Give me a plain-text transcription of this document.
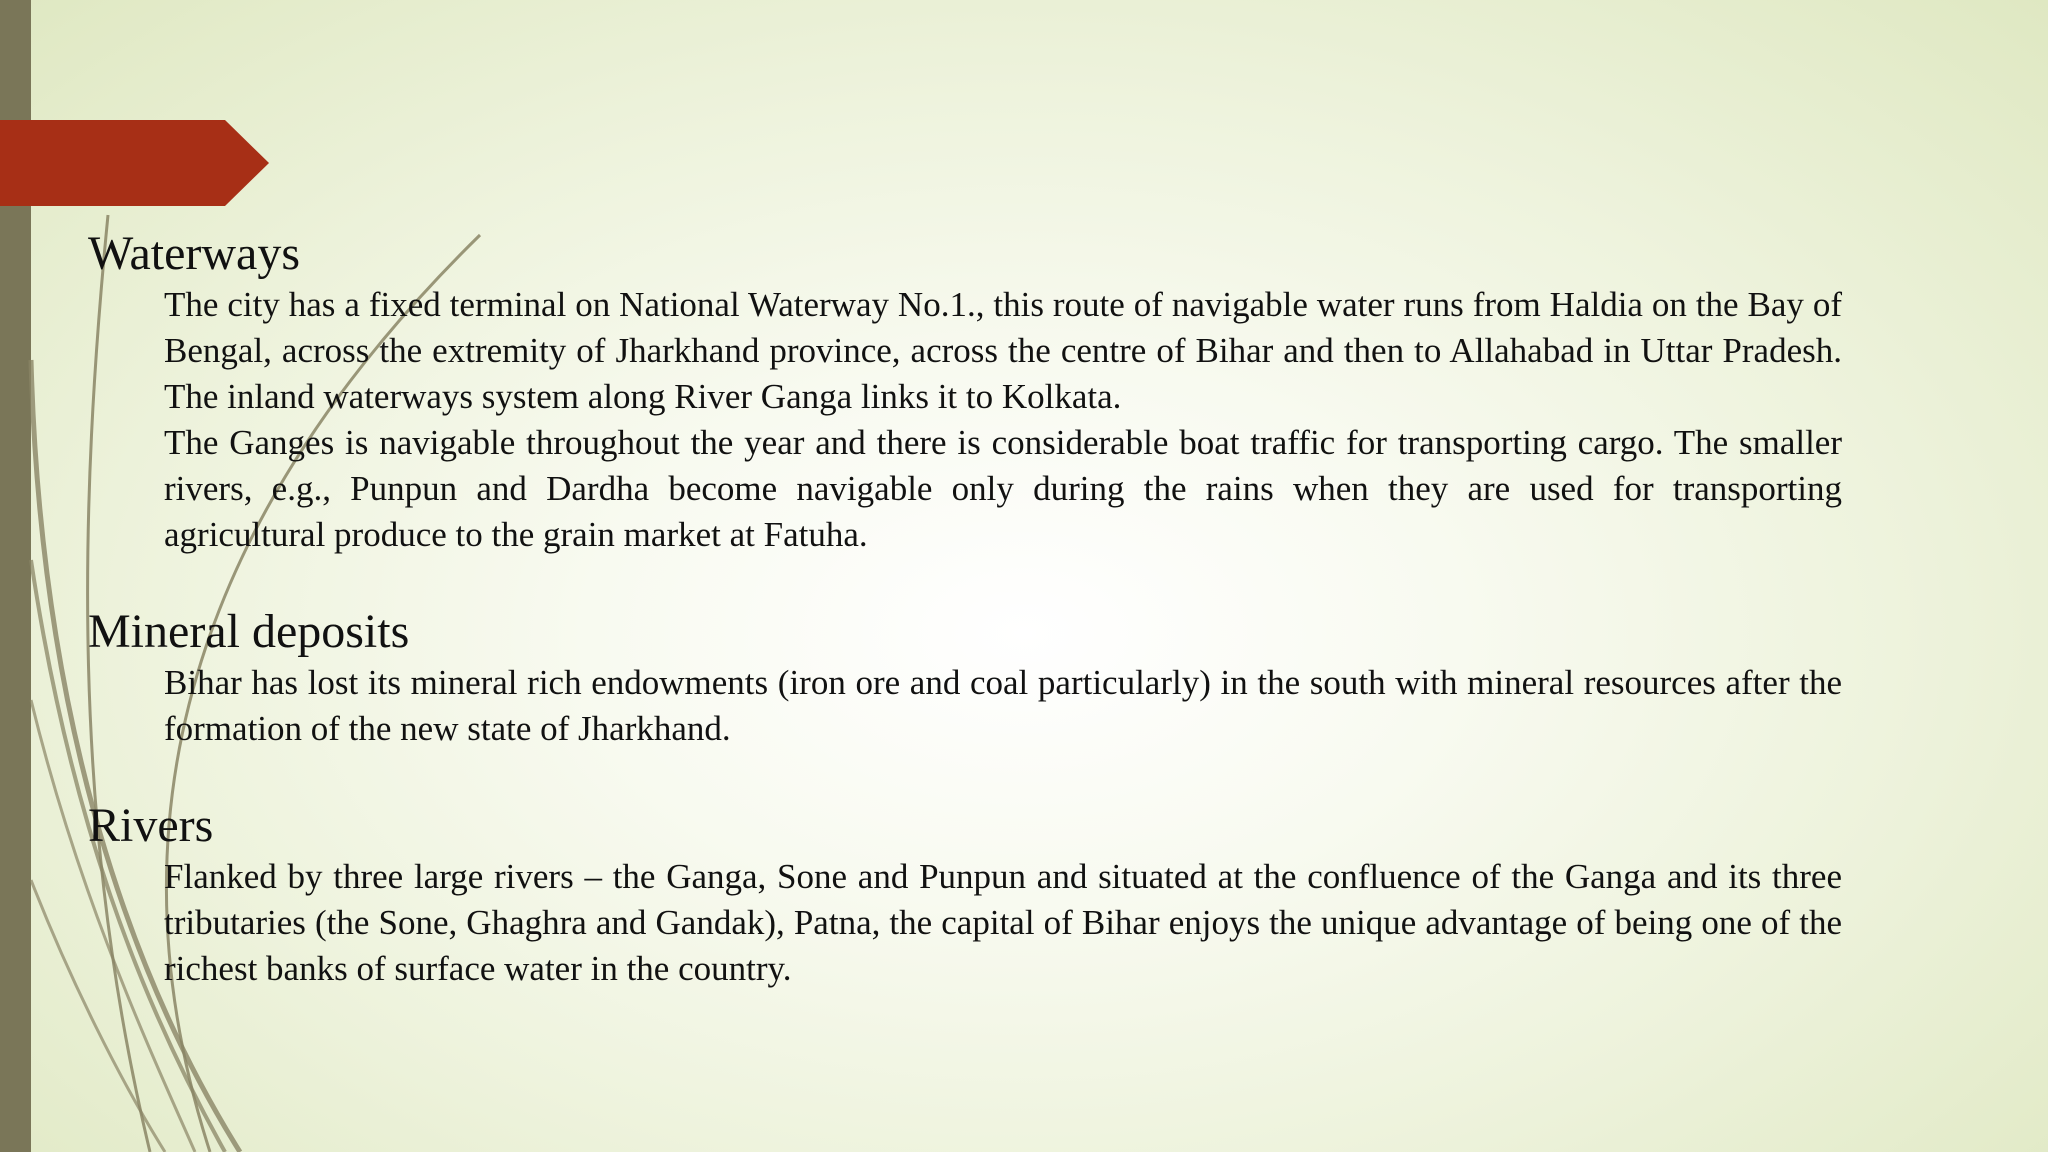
Waterways

The city has a fixed terminal on National Waterway No.1., this route of navigable water runs from Haldia on the Bay of Bengal, across the extremity of Jharkhand province, across the centre of Bihar and then to Allahabad in Uttar Pradesh. The inland waterways system along River Ganga links it to Kolkata.

The Ganges is navigable throughout the year and there is considerable boat traffic for transporting cargo. The smaller rivers, e.g., Punpun and Dardha become navigable only during the rains when they are used for transporting agricultural produce to the grain market at Fatuha.

Mineral deposits

Bihar has lost its mineral rich endowments (iron ore and coal particularly) in the south with mineral resources after the formation of the new state of Jharkhand.

Rivers

Flanked by three large rivers – the Ganga, Sone and Punpun and situated at the confluence of the Ganga and its three tributaries (the Sone, Ghaghra and Gandak), Patna, the capital of Bihar enjoys the unique advantage of being one of the richest banks of surface water in the country.
